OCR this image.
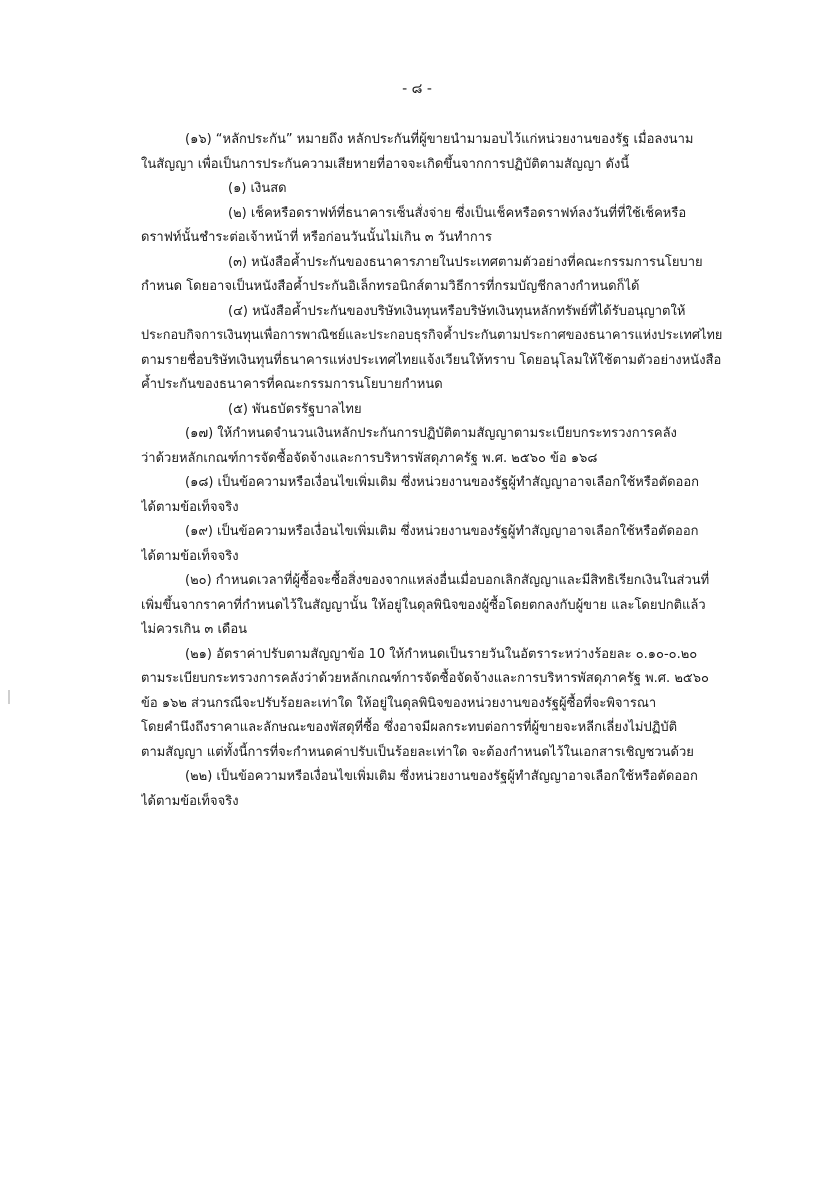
- ๘ -
(๑๖) “หลักประกัน” หมายถึง หลักประกันที่ผู้ขายนำมามอบไว้แก่หน่วยงานของรัฐ เมื่อลงนาม
ในสัญญา เพื่อเป็นการประกันความเสียหายที่อาจจะเกิดขึ้นจากการปฏิบัติตามสัญญา ดังนี้
(๑) เงินสด
(๒) เช็คหรือดราฟท์ที่ธนาคารเซ็นสั่งจ่าย ซึ่งเป็นเช็คหรือดราฟท์ลงวันที่ที่ใช้เช็คหรือ
ดราฟท์นั้นชำระต่อเจ้าหน้าที่ หรือก่อนวันนั้นไม่เกิน ๓ วันทำการ
(๓) หนังสือค้ำประกันของธนาคารภายในประเทศตามตัวอย่างที่คณะกรรมการนโยบาย
กำหนด โดยอาจเป็นหนังสือค้ำประกันอิเล็กทรอนิกส์ตามวิธีการที่กรมบัญชีกลางกำหนดก็ได้
(๔) หนังสือค้ำประกันของบริษัทเงินทุนหรือบริษัทเงินทุนหลักทรัพย์ที่ได้รับอนุญาตให้
ประกอบกิจการเงินทุนเพื่อการพาณิชย์และประกอบธุรกิจค้ำประกันตามประกาศของธนาคารแห่งประเทศไทย
ตามรายชื่อบริษัทเงินทุนที่ธนาคารแห่งประเทศไทยแจ้งเวียนให้ทราบ โดยอนุโลมให้ใช้ตามตัวอย่างหนังสือ
ค้ำประกันของธนาคารที่คณะกรรมการนโยบายกำหนด
(๕) พันธบัตรรัฐบาลไทย
(๑๗) ให้กำหนดจำนวนเงินหลักประกันการปฏิบัติตามสัญญาตามระเบียบกระทรวงการคลัง
ว่าด้วยหลักเกณฑ์การจัดซื้อจัดจ้างและการบริหารพัสดุภาครัฐ พ.ศ. ๒๕๖๐ ข้อ ๑๖๘
(๑๘) เป็นข้อความหรือเงื่อนไขเพิ่มเติม ซึ่งหน่วยงานของรัฐผู้ทำสัญญาอาจเลือกใช้หรือตัดออก
ได้ตามข้อเท็จจริง
(๑๙) เป็นข้อความหรือเงื่อนไขเพิ่มเติม ซึ่งหน่วยงานของรัฐผู้ทำสัญญาอาจเลือกใช้หรือตัดออก
ได้ตามข้อเท็จจริง
(๒๐) กำหนดเวลาที่ผู้ซื้อจะซื้อสิ่งของจากแหล่งอื่นเมื่อบอกเลิกสัญญาและมีสิทธิเรียกเงินในส่วนที่
เพิ่มขึ้นจากราคาที่กำหนดไว้ในสัญญานั้น ให้อยู่ในดุลพินิจของผู้ซื้อโดยตกลงกับผู้ขาย และโดยปกติแล้ว
ไม่ควรเกิน ๓ เดือน
(๒๑) อัตราค่าปรับตามสัญญาข้อ 10 ให้กำหนดเป็นรายวันในอัตราระหว่างร้อยละ ๐.๑๐-๐.๒๐
ตามระเบียบกระทรวงการคลังว่าด้วยหลักเกณฑ์การจัดซื้อจัดจ้างและการบริหารพัสดุภาครัฐ พ.ศ. ๒๕๖๐
ข้อ ๑๖๒ ส่วนกรณีจะปรับร้อยละเท่าใด ให้อยู่ในดุลพินิจของหน่วยงานของรัฐผู้ซื้อที่จะพิจารณา
โดยคำนึงถึงราคาและลักษณะของพัสดุที่ซื้อ ซึ่งอาจมีผลกระทบต่อการที่ผู้ขายจะหลีกเลี่ยงไม่ปฏิบัติ
ตามสัญญา แต่ทั้งนี้การที่จะกำหนดค่าปรับเป็นร้อยละเท่าใด จะต้องกำหนดไว้ในเอกสารเชิญชวนด้วย
(๒๒) เป็นข้อความหรือเงื่อนไขเพิ่มเติม ซึ่งหน่วยงานของรัฐผู้ทำสัญญาอาจเลือกใช้หรือตัดออก
ได้ตามข้อเท็จจริง
